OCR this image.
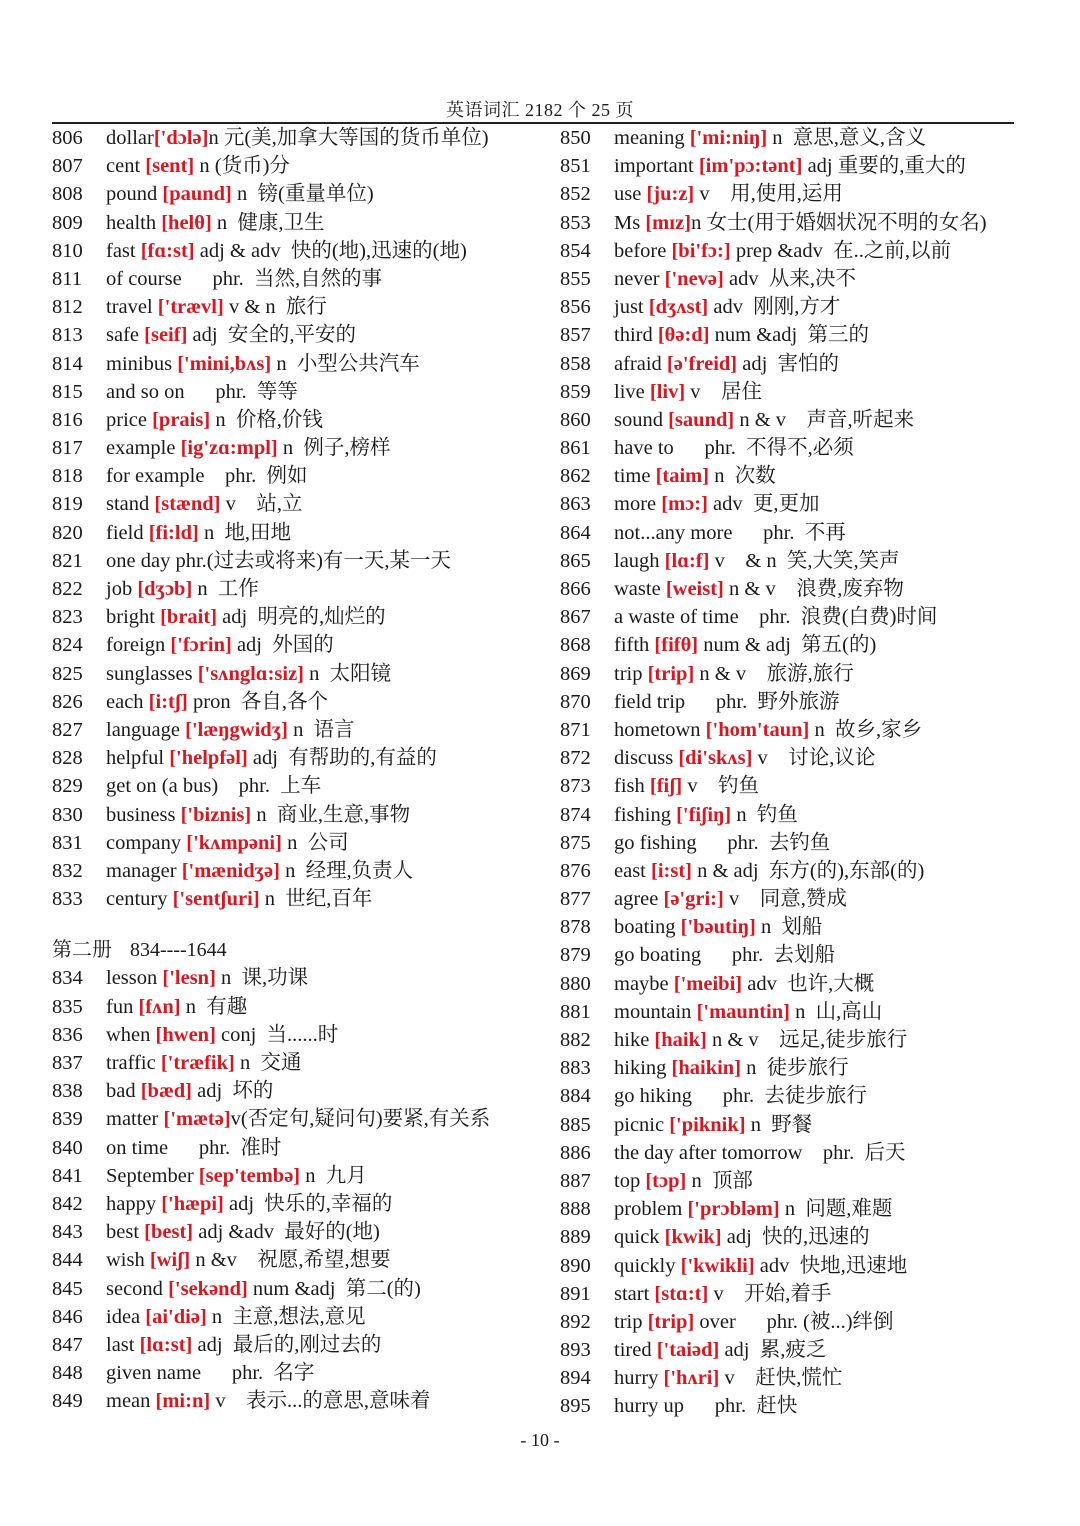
英语词汇 2182 个 25 页
806	dollar['dɔlə]n 元(美,加拿大等国的货币单位)
807	cent [sent] n (货币)分
808	pound [paund] n  镑(重量单位)
809	health [helθ] n  健康,卫生
810	fast [fɑ:st] adj & adv  快的(地),迅速的(地)
811	of course      phr.  当然,自然的事
812	travel ['trævl] v & n  旅行
813	safe [seif] adj  安全的,平安的
814	minibus ['mini,bʌs] n  小型公共汽车
815	and so on      phr.  等等
816	price [prais] n  价格,价钱
817	example [ig'zɑ:mpl] n  例子,榜样
818	for example    phr.  例如
819	stand [stænd] v    站,立
820	field [fi:ld] n  地,田地
821	one day phr.(过去或将来)有一天,某一天
822	job [dʒɔb] n  工作
823	bright [brait] adj  明亮的,灿烂的
824	foreign ['fɔrin] adj  外国的
825	sunglasses ['sʌnglɑ:siz] n  太阳镜
826	each [i:tʃ] pron  各自,各个
827	language ['læŋgwidʒ] n  语言
828	helpful ['helpfəl] adj  有帮助的,有益的
829	get on (a bus)    phr.  上车
830	business ['biznis] n  商业,生意,事物
831	company ['kʌmpəni] n  公司
832	manager ['mænidʒə] n  经理,负责人
833	century ['sentʃuri] n  世纪,百年
第二册 834----1644
834	lesson ['lesn] n  课,功课
835	fun [fʌn] n  有趣
836	when [hwen] conj  当......时
837	traffic ['træfik] n  交通
838	bad [bæd] adj  坏的
839	matter ['mætə]v(否定句,疑问句)要紧,有关系
840	on time      phr.  准时
841	September [sep'tembə] n  九月
842	happy ['hæpi] adj  快乐的,幸福的
843	best [best] adj &adv  最好的(地)
844	wish [wiʃ] n &v    祝愿,希望,想要
845	second ['sekənd] num &adj  第二(的)
846	idea [ai'diə] n  主意,想法,意见
847	last [lɑ:st] adj  最后的,刚过去的
848	given name      phr.  名字
849	mean [mi:n] v    表示...的意思,意味着
850	meaning ['mi:niŋ] n  意思,意义,含义
851	important [im'pɔ:tənt] adj 重要的,重大的
852	use [ju:z] v    用,使用,运用
853	Ms [mɪz]n 女士(用于婚姻状况不明的女名)
854	before [bi'fɔ:] prep &adv  在..之前,以前
855	never ['nevə] adv  从来,决不
856	just [dʒʌst] adv  刚刚,方才
857	third [θə:d] num &adj  第三的
858	afraid [ə'freid] adj  害怕的
859	live [liv] v    居住
860	sound [saund] n & v    声音,听起来
861	have to      phr.  不得不,必须
862	time [taim] n  次数
863	more [mɔ:] adv  更,更加
864	not...any more      phr.  不再
865	laugh [lɑ:f] v    & n  笑,大笑,笑声
866	waste [weist] n & v    浪费,废弃物
867	a waste of time    phr.  浪费(白费)时间
868	fifth [fifθ] num & adj  第五(的)
869	trip [trip] n & v    旅游,旅行
870	field trip      phr.  野外旅游
871	hometown ['hom'taun] n  故乡,家乡
872	discuss [di'skʌs] v    讨论,议论
873	fish [fiʃ] v    钓鱼
874	fishing ['fiʃiŋ] n  钓鱼
875	go fishing      phr.  去钓鱼
876	east [i:st] n & adj  东方(的),东部(的)
877	agree [ə'gri:] v    同意,赞成
878	boating ['bəutiŋ] n  划船
879	go boating      phr.  去划船
880	maybe ['meibi] adv  也许,大概
881	mountain ['mauntin] n  山,高山
882	hike [haik] n & v    远足,徒步旅行
883	hiking [haikin] n  徒步旅行
884	go hiking      phr.  去徒步旅行
885	picnic ['piknik] n  野餐
886	the day after tomorrow    phr.  后天
887	top [tɔp] n  顶部
888	problem ['prɔbləm] n  问题,难题
889	quick [kwik] adj  快的,迅速的
890	quickly ['kwikli] adv  快地,迅速地
891	start [stɑ:t] v    开始,着手
892	trip [trip] over      phr. (被...)绊倒
893	tired ['taiəd] adj  累,疲乏
894	hurry ['hʌri] v    赶快,慌忙
895	hurry up      phr.  赶快
- 10 -
